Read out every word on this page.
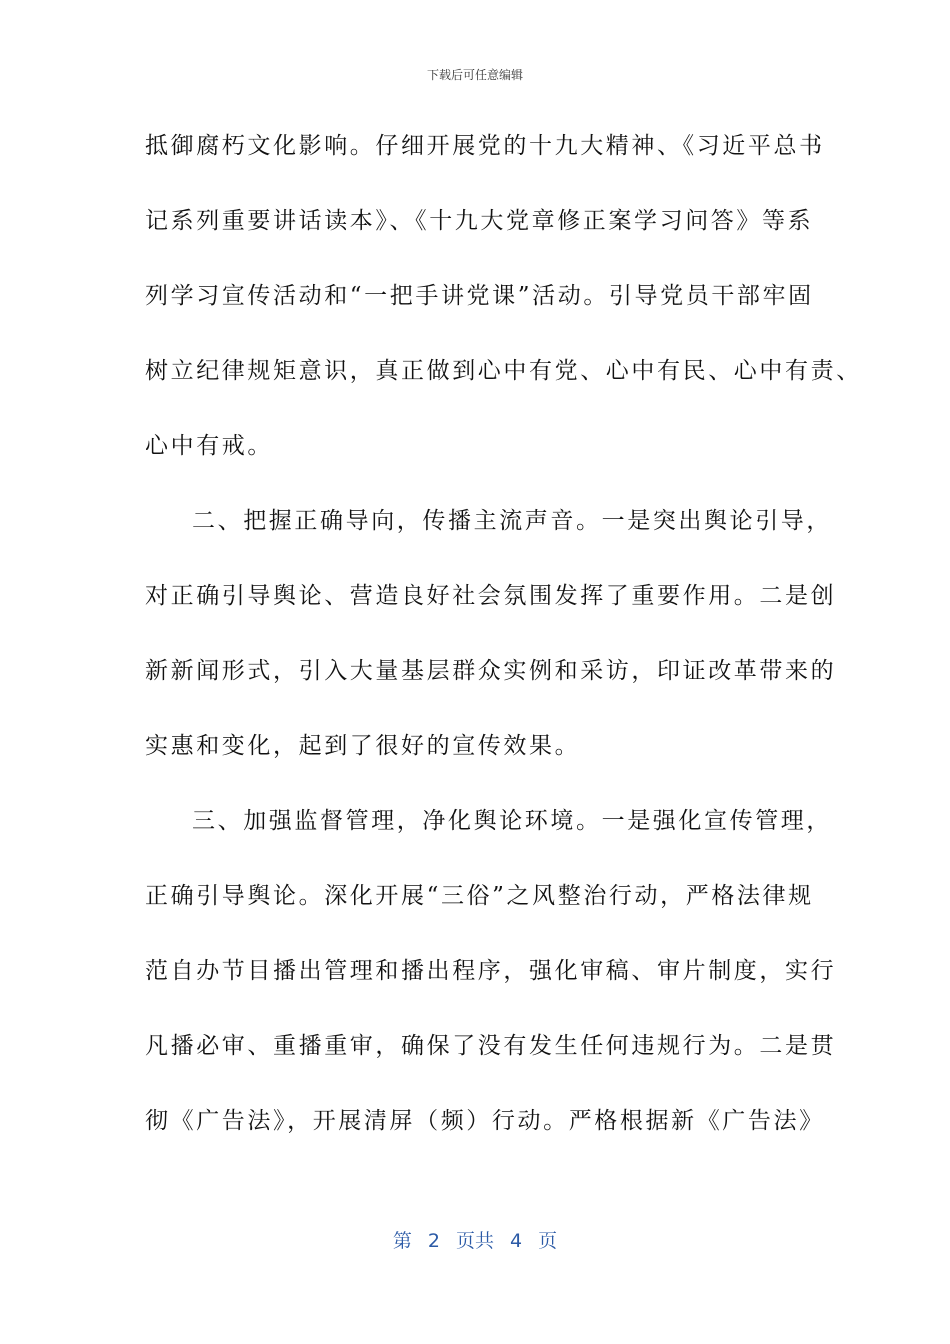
下载后可任意编辑
抵御腐朽文化影响。仔细开展党的十九大精神、《习近平总书
记系列重要讲话读本》、《十九大党章修正案学习问答》等系
列学习宣传活动和“一把手讲党课”活动。引导党员干部牢固
树立纪律规矩意识，真正做到心中有党、心中有民、心中有责、
心中有戒。
二、把握正确导向，传播主流声音。一是突出舆论引导，
对正确引导舆论、营造良好社会氛围发挥了重要作用。二是创
新新闻形式，引入大量基层群众实例和采访，印证改革带来的
实惠和变化，起到了很好的宣传效果。
三、加强监督管理，净化舆论环境。一是强化宣传管理，
正确引导舆论。深化开展“三俗”之风整治行动，严格法律规
范自办节目播出管理和播出程序，强化审稿、审片制度，实行
凡播必审、重播重审，确保了没有发生任何违规行为。二是贯
彻《广告法》，开展清屏（频）行动。严格根据新《广告法》
第 2 页共 4 页
